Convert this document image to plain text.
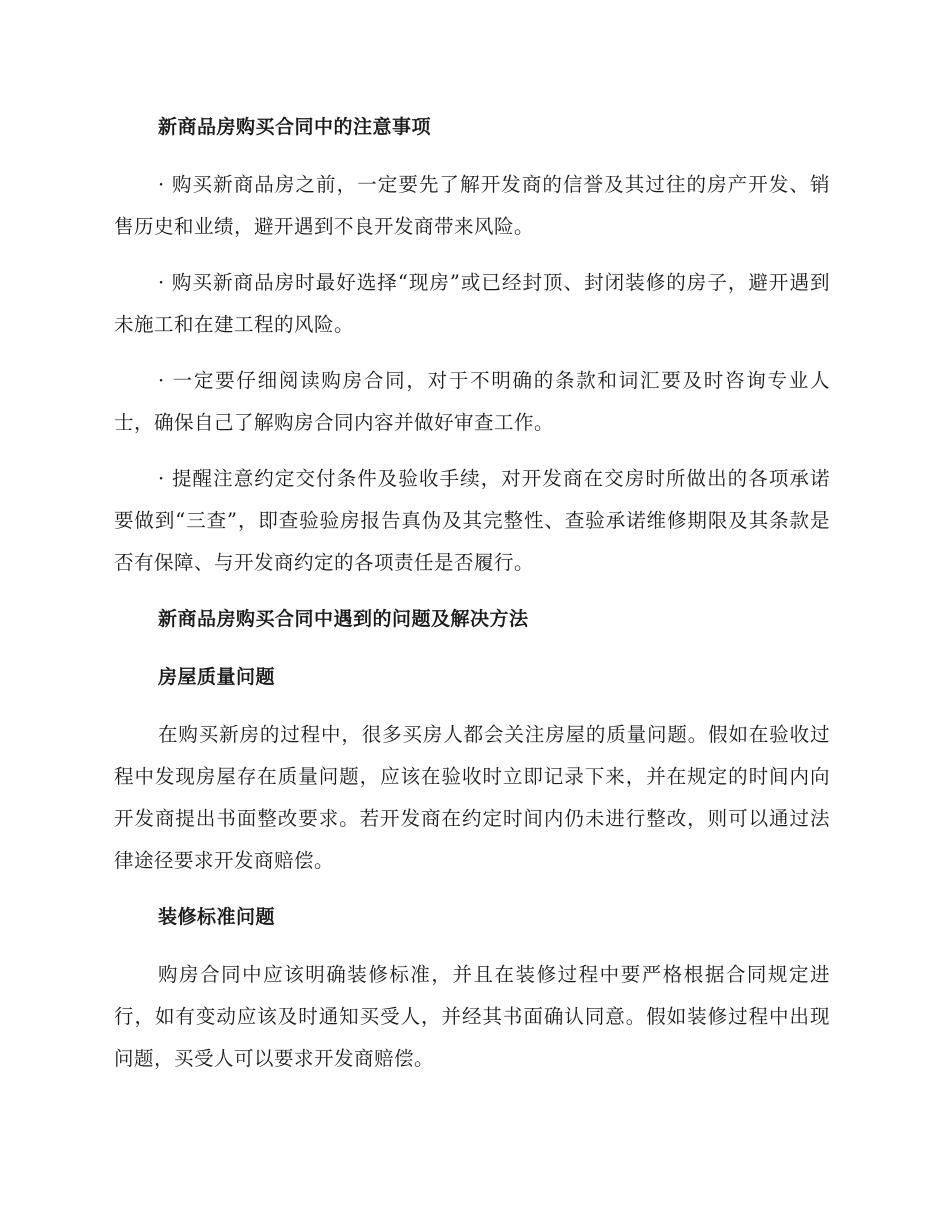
新商品房购买合同中的注意事项

· 购买新商品房之前，一定要先了解开发商的信誉及其过往的房产开发、销售历史和业绩，避开遇到不良开发商带来风险。

· 购买新商品房时最好选择“现房”或已经封顶、封闭装修的房子，避开遇到未施工和在建工程的风险。

· 一定要仔细阅读购房合同，对于不明确的条款和词汇要及时咨询专业人士，确保自己了解购房合同内容并做好审查工作。

· 提醒注意约定交付条件及验收手续，对开发商在交房时所做出的各项承诺要做到“三查”，即查验验房报告真伪及其完整性、查验承诺维修期限及其条款是否有保障、与开发商约定的各项责任是否履行。

新商品房购买合同中遇到的问题及解决方法
房屋质量问题

在购买新房的过程中，很多买房人都会关注房屋的质量问题。假如在验收过程中发现房屋存在质量问题，应该在验收时立即记录下来，并在规定的时间内向开发商提出书面整改要求。若开发商在约定时间内仍未进行整改，则可以通过法律途径要求开发商赔偿。

装修标准问题

购房合同中应该明确装修标准，并且在装修过程中要严格根据合同规定进行，如有变动应该及时通知买受人，并经其书面确认同意。假如装修过程中出现问题，买受人可以要求开发商赔偿。
